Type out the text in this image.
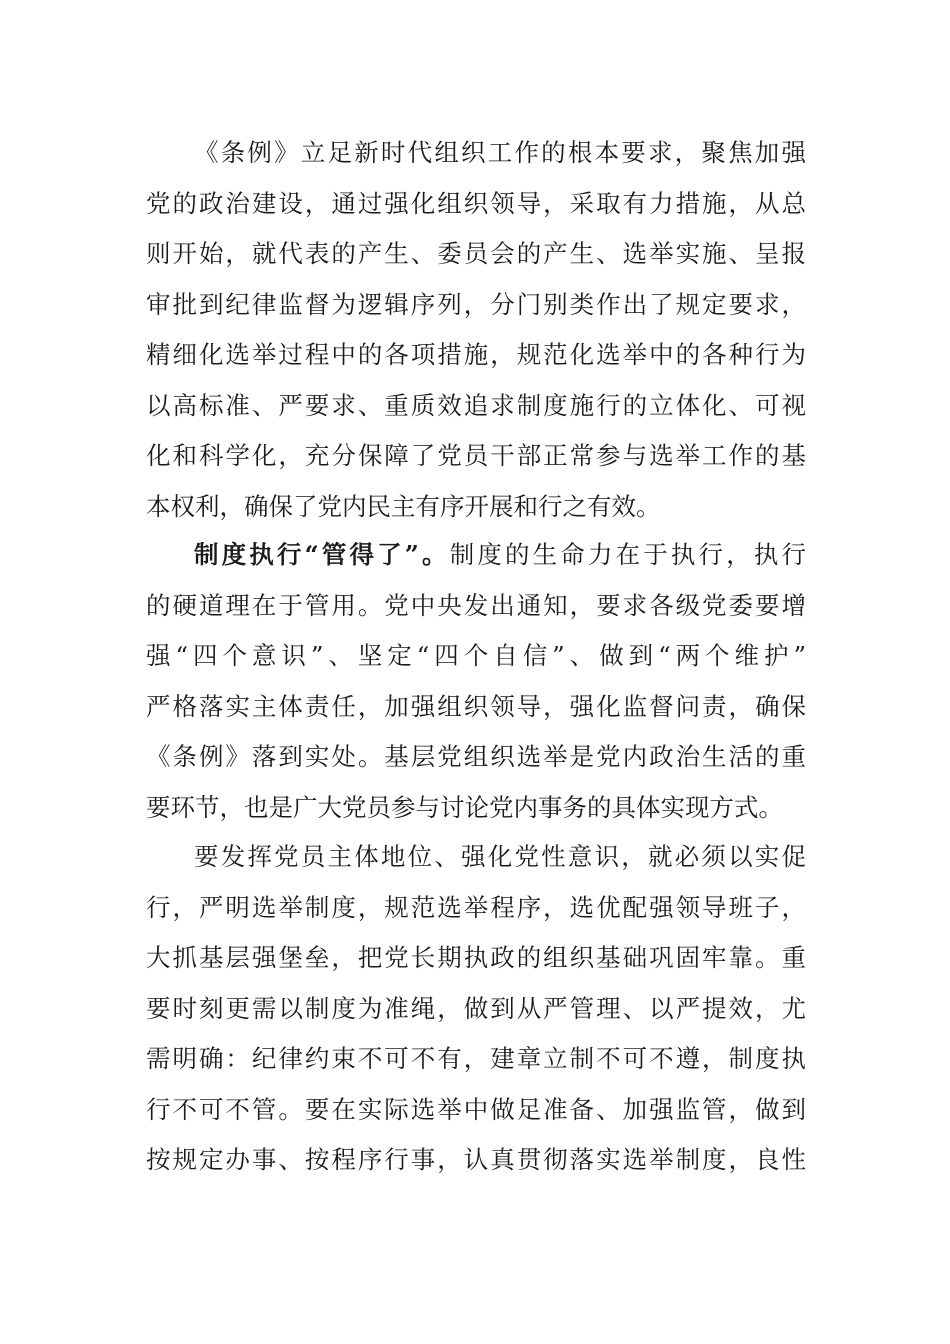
《条例》立足新时代组织工作的根本要求，聚焦加强
党的政治建设，通过强化组织领导，采取有力措施，从总
则开始，就代表的产生、委员会的产生、选举实施、呈报
审批到纪律监督为逻辑序列，分门别类作出了规定要求，
精细化选举过程中的各项措施，规范化选举中的各种行为
以高标准、严要求、重质效追求制度施行的立体化、可视
化和科学化，充分保障了党员干部正常参与选举工作的基
本权利，确保了党内民主有序开展和行之有效。
制度执行“管得了”。制度的生命力在于执行，执行
的硬道理在于管用。党中央发出通知，要求各级党委要增
强“四个意识”、坚定“四个自信”、做到“两个维护”
严格落实主体责任，加强组织领导，强化监督问责，确保
《条例》落到实处。基层党组织选举是党内政治生活的重
要环节，也是广大党员参与讨论党内事务的具体实现方式。
要发挥党员主体地位、强化党性意识，就必须以实促
行，严明选举制度，规范选举程序，选优配强领导班子，
大抓基层强堡垒，把党长期执政的组织基础巩固牢靠。重
要时刻更需以制度为准绳，做到从严管理、以严提效，尤
需明确：纪律约束不可不有，建章立制不可不遵，制度执
行不可不管。要在实际选举中做足准备、加强监管，做到
按规定办事、按程序行事，认真贯彻落实选举制度，良性
